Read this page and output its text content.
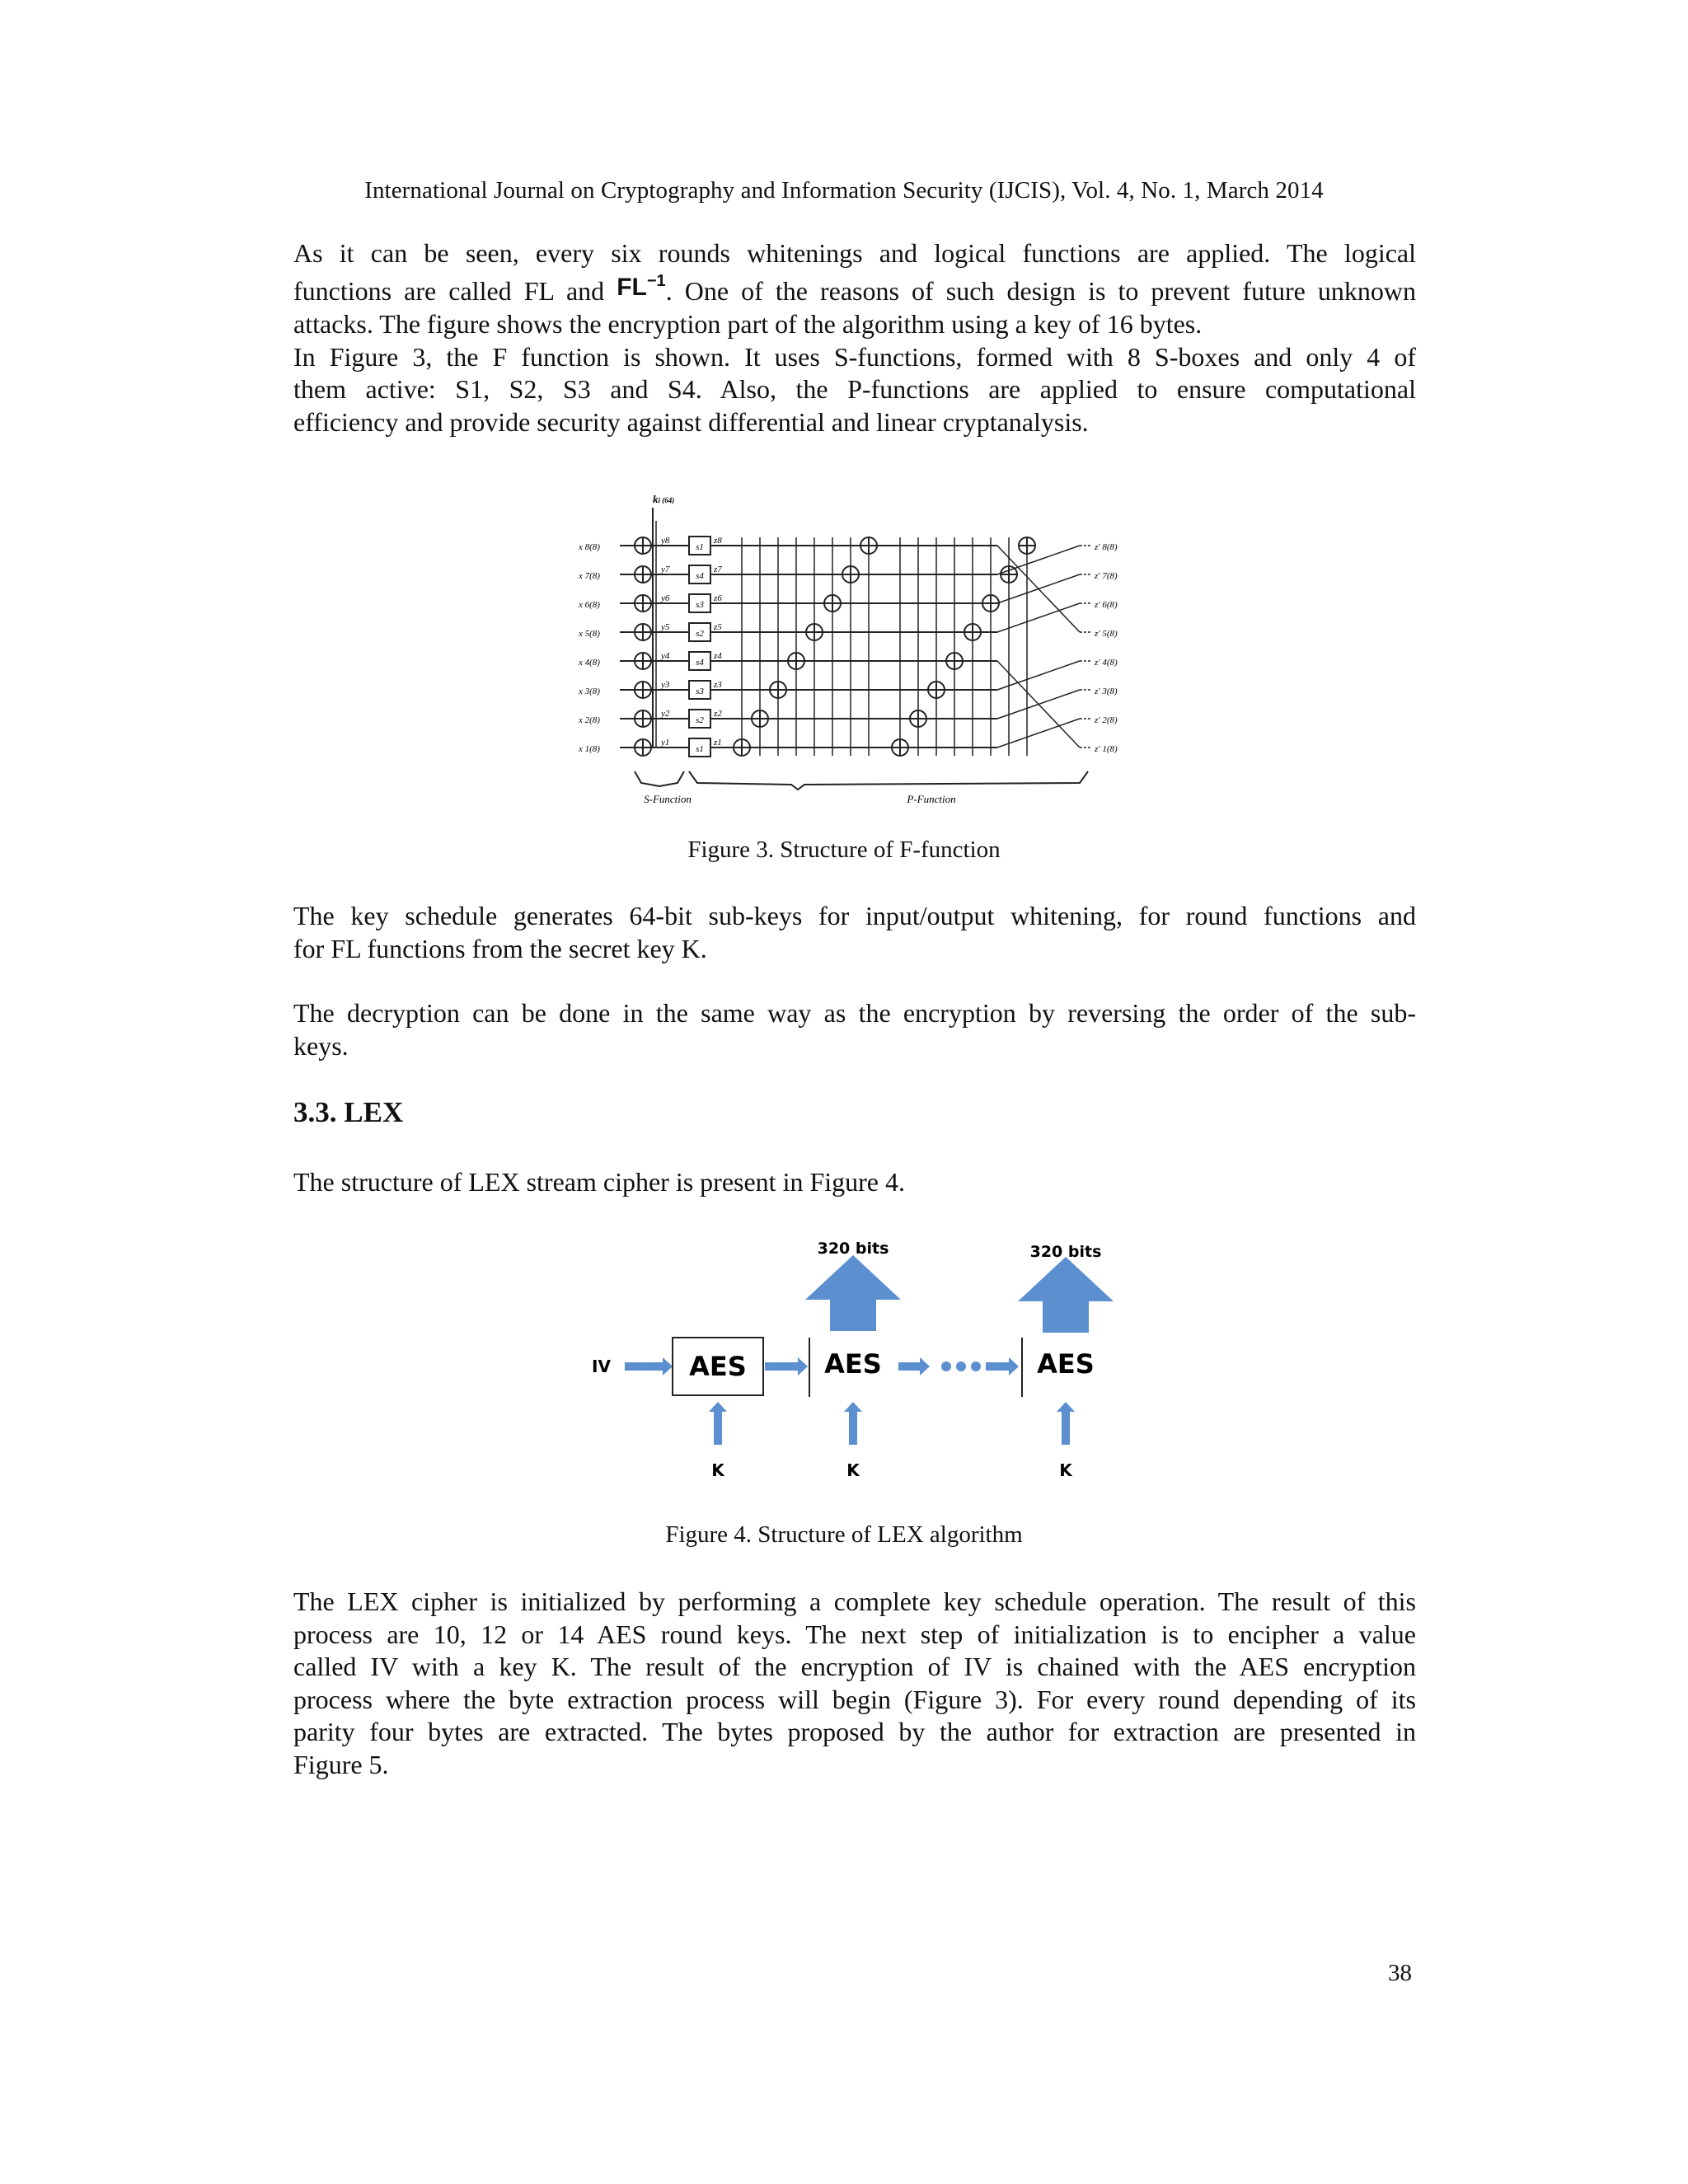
International Journal on Cryptography and Information Security (IJCIS), Vol. 4, No. 1, March 2014
As it can be seen, every six rounds whitenings and logical functions are applied. The logical
functions are called FL and $FL^{-1}$. One of the reasons of such design is to prevent future unknown
attacks. The figure shows the encryption part of the algorithm using a key of 16 bytes.
In Figure 3, the F function is shown. It uses S-functions, formed with 8 S-boxes and only 4 of
them active: S1, S2, S3 and S4. Also, the P-functions are applied to ensure computational
efficiency and provide security against differential and linear cryptanalysis.
ki (64)
x 8(8)
y8
s1
z8
z' 8(8)
x 7(8)
y7
s4
z7
z' 7(8)
x 6(8)
y6
s3
z6
z' 6(8)
x 5(8)
y5
s2
z5
z' 5(8)
x 4(8)
y4
s4
z4
z' 4(8)
x 3(8)
y3
s3
z3
z' 3(8)
x 2(8)
y2
s2
z2
z' 2(8)
x 1(8)
y1
s1
z1
z' 1(8)
S-Function	P-Function
Figure 3. Structure of F-function
The key schedule generates 64-bit sub-keys for input/output whitening, for round functions and
for FL functions from the secret key K.
The decryption can be done in the same way as the encryption by reversing the order of the sub-
keys.
3.3. LEX
The structure of LEX stream cipher is present in Figure 4.
IV	AES	AES
320 bits
AES
320 bits
K	K	K
Figure 4. Structure of LEX algorithm
The LEX cipher is initialized by performing a complete key schedule operation. The result of this
process are 10, 12 or 14 AES round keys. The next step of initialization is to encipher a value
called IV with a key K. The result of the encryption of IV is chained with the AES encryption
process where the byte extraction process will begin (Figure 3). For every round depending of its
parity four bytes are extracted. The bytes proposed by the author for extraction are presented in
Figure 5.
38
